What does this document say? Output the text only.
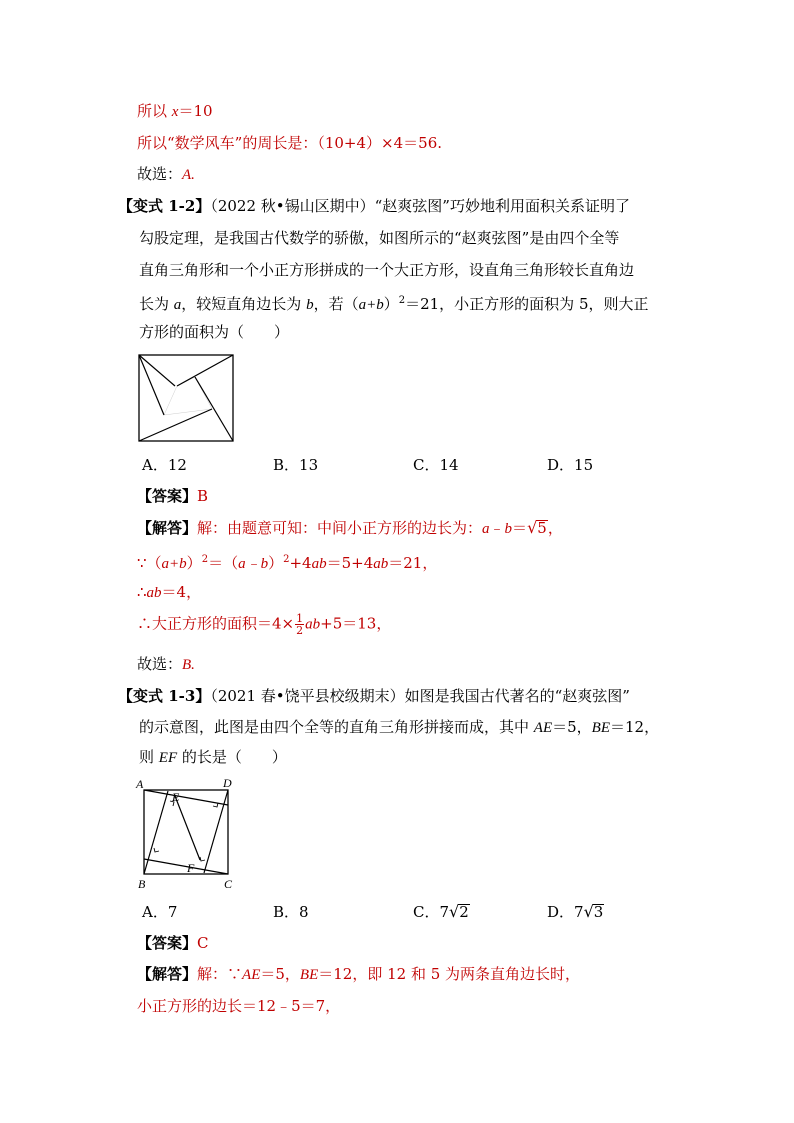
所以 x＝10
所以“数学风车”的周长是：（10+4）×4＝56.
故选：A.
【变式 1-2】（2022 秋•锡山区期中）“赵爽弦图”巧妙地利用面积关系证明了
勾股定理，是我国古代数学的骄傲，如图所示的“赵爽弦图”是由四个全等
直角三角形和一个小正方形拼成的一个大正方形，设直角三角形较长直角边
长为 a，较短直角边长为 b，若$(a+b)^2=21$，小正方形的面积为 5，则大正
方形的面积为（　　）
A．12	B．13	C．14	D．15
【答案】B
【解答】解：由题意可知：中间小正方形的边长为：a﹣b＝√5，
$\because(a+b)^2=(a﹣b)^2+4ab=5+4ab=21$，
∴ab＝4，
∴大正方形的面积$=4\times \frac{1}{2} ab+5=13$，
故选：B.
【变式 1-3】（2021 春•饶平县校级期末）如图是我国古代著名的“赵爽弦图”
的示意图，此图是由四个全等的直角三角形拼接而成，其中 AE＝5，BE＝12，
则 EF 的长是（　　）
A	D
E
F
B	C
A．7	B．8	C．7√2	D．7√3
【答案】C
【解答】解：∵AE＝5，BE＝12，即 12 和 5 为两条直角边长时，
小正方形的边长＝12﹣5＝7，
